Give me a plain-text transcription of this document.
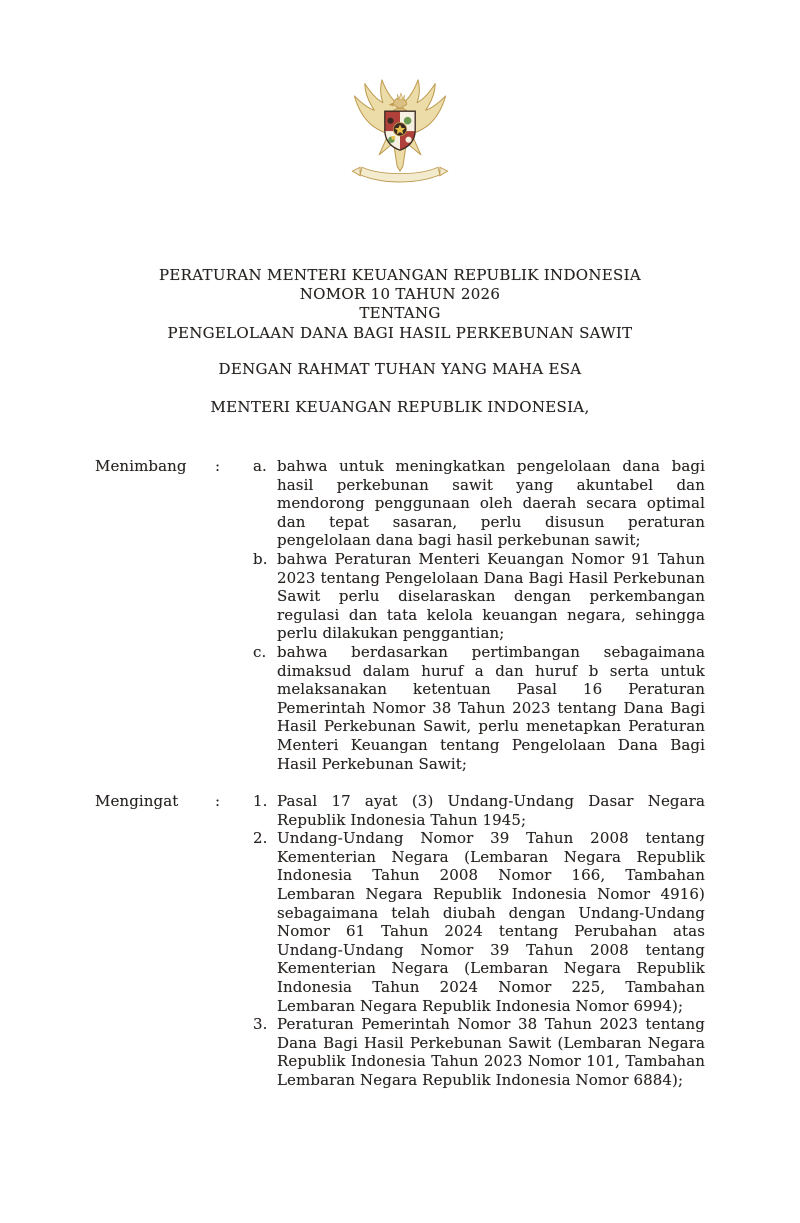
PERATURAN MENTERI KEUANGAN REPUBLIK INDONESIA
NOMOR 10 TAHUN 2026
TENTANG
PENGELOLAAN DANA BAGI HASIL PERKEBUNAN SAWIT
DENGAN RAHMAT TUHAN YANG MAHA ESA
MENTERI KEUANGAN REPUBLIK INDONESIA,
Menimbang	:	a. bahwa untuk meningkatkan pengelolaan dana bagi hasil perkebunan sawit yang akuntabel dan mendorong penggunaan oleh daerah secara optimal dan tepat sasaran, perlu disusun peraturan pengelolaan dana bagi hasil perkebunan sawit;
b. bahwa Peraturan Menteri Keuangan Nomor 91 Tahun 2023 tentang Pengelolaan Dana Bagi Hasil Perkebunan Sawit perlu diselaraskan dengan perkembangan regulasi dan tata kelola keuangan negara, sehingga perlu dilakukan penggantian;
c. bahwa berdasarkan pertimbangan sebagaimana dimaksud dalam huruf a dan huruf b serta untuk melaksanakan ketentuan Pasal 16 Peraturan Pemerintah Nomor 38 Tahun 2023 tentang Dana Bagi Hasil Perkebunan Sawit, perlu menetapkan Peraturan Menteri Keuangan tentang Pengelolaan Dana Bagi Hasil Perkebunan Sawit;
Mengingat	:	1. Pasal 17 ayat (3) Undang-Undang Dasar Negara Republik Indonesia Tahun 1945;
2. Undang-Undang Nomor 39 Tahun 2008 tentang Kementerian Negara (Lembaran Negara Republik Indonesia Tahun 2008 Nomor 166, Tambahan Lembaran Negara Republik Indonesia Nomor 4916) sebagaimana telah diubah dengan Undang-Undang Nomor 61 Tahun 2024 tentang Perubahan atas Undang-Undang Nomor 39 Tahun 2008 tentang Kementerian Negara (Lembaran Negara Republik Indonesia Tahun 2024 Nomor 225, Tambahan Lembaran Negara Republik Indonesia Nomor 6994);
3. Peraturan Pemerintah Nomor 38 Tahun 2023 tentang Dana Bagi Hasil Perkebunan Sawit (Lembaran Negara Republik Indonesia Tahun 2023 Nomor 101, Tambahan Lembaran Negara Republik Indonesia Nomor 6884);
